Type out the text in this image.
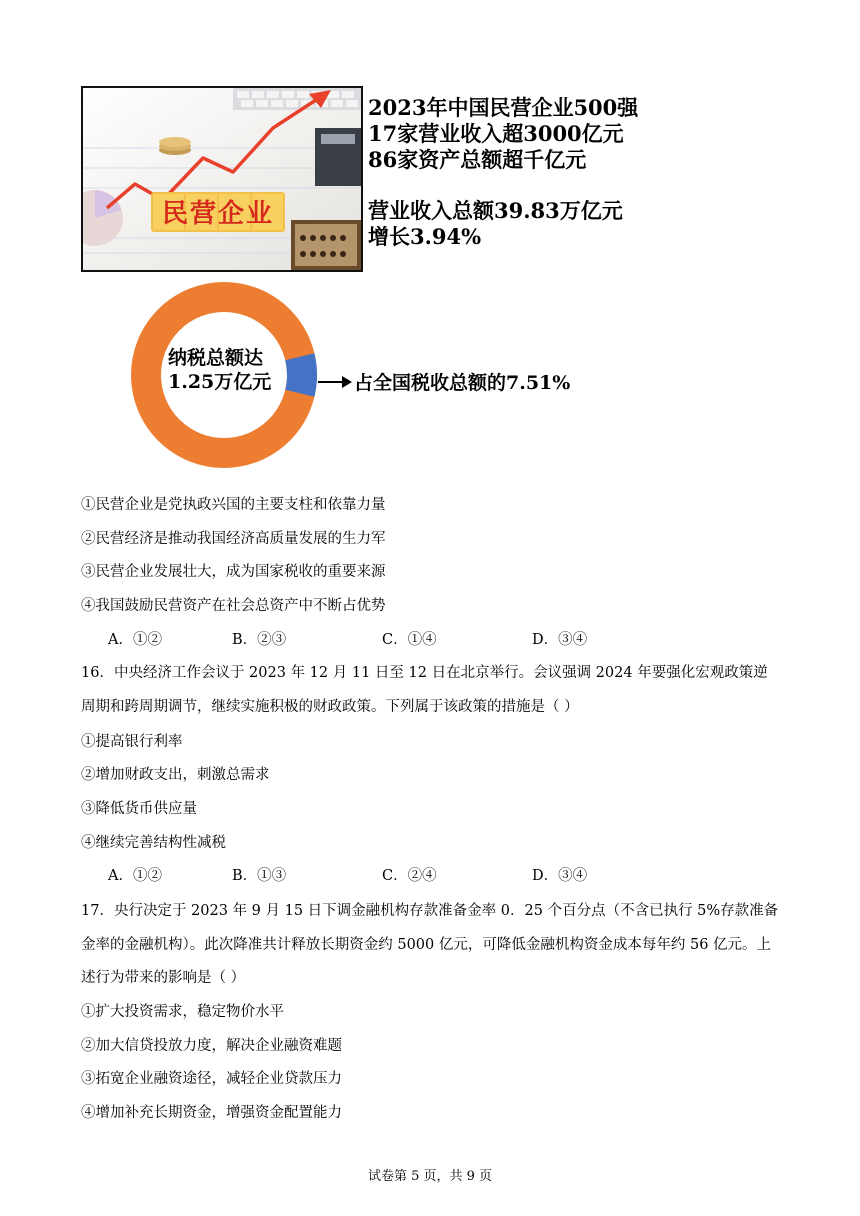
民营企业
2023年中国民营企业500强
17家营业收入超3000亿元
86家资产总额超千亿元
营业收入总额39.83万亿元
增长3.94%
纳税总额达
1.25万亿元	占全国税收总额的7.51%
①民营企业是党执政兴国的主要支柱和依靠力量
②民营经济是推动我国经济高质量发展的生力军
③民营企业发展壮大，成为国家税收的重要来源
④我国鼓励民营资产在社会总资产中不断占优势
A．①②	B．②③	C．①④	D．③④
16．中央经济工作会议于 2023 年 12 月 11 日至 12 日在北京举行。会议强调 2024 年要强化宏观政策逆周期和跨周期调节，继续实施积极的财政政策。下列属于该政策的措施是（ ）
①提高银行利率
②增加财政支出，刺激总需求
③降低货币供应量
④继续完善结构性减税
A．①②	B．①③	C．②④	D．③④
17．央行决定于 2023 年 9 月 15 日下调金融机构存款准备金率 0．25 个百分点（不含已执行 5%存款准备金率的金融机构）。此次降准共计释放长期资金约 5000 亿元，可降低金融机构资金成本每年约 56 亿元。上述行为带来的影响是（ ）
①扩大投资需求，稳定物价水平
②加大信贷投放力度，解决企业融资难题
③拓宽企业融资途径，减轻企业贷款压力
④增加补充长期资金，增强资金配置能力
试卷第 5 页，共 9 页
